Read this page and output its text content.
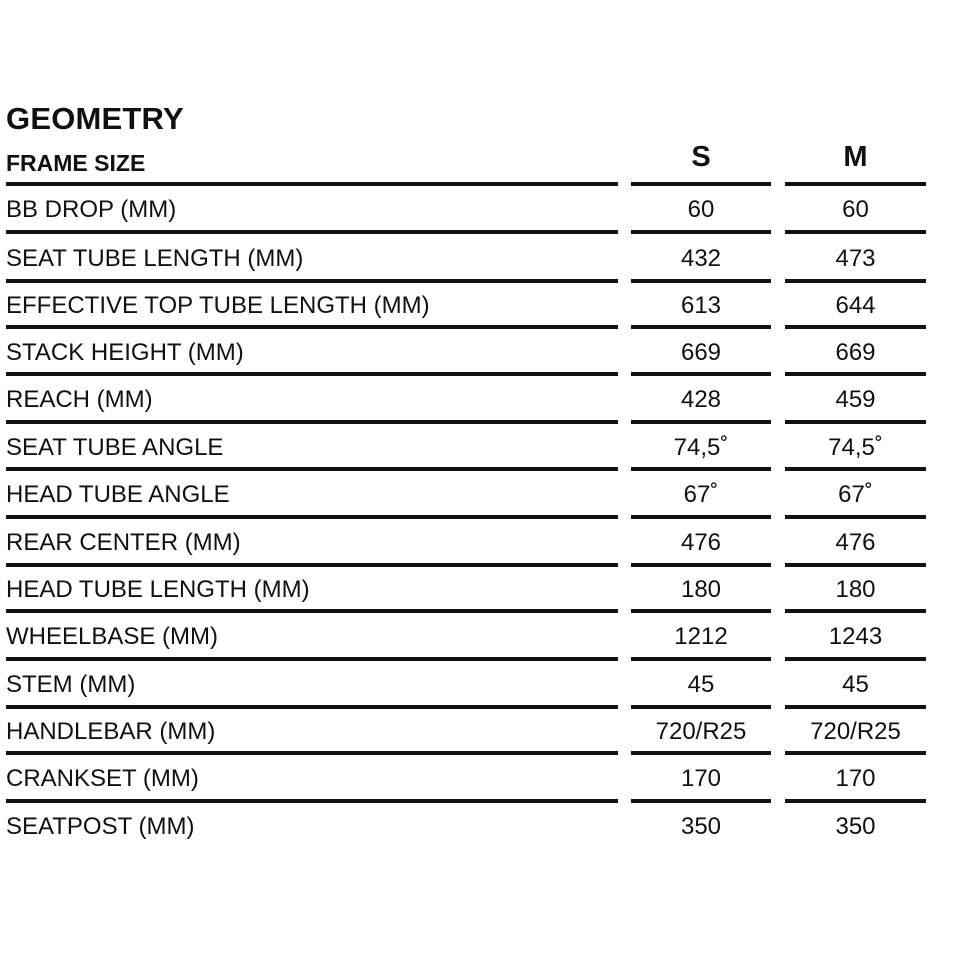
GEOMETRY
FRAME SIZE	S	M
BB DROP (MM)	60	60
SEAT TUBE LENGTH (MM)	432	473
EFFECTIVE TOP TUBE LENGTH (MM)	613	644
STACK HEIGHT (MM)	669	669
REACH (MM)	428	459
SEAT TUBE ANGLE	74,5˚	74,5˚
HEAD TUBE ANGLE	67˚	67˚
REAR CENTER (MM)	476	476
HEAD TUBE LENGTH (MM)	180	180
WHEELBASE (MM)	1212	1243
STEM (MM)	45	45
HANDLEBAR (MM)	720/R25	720/R25
CRANKSET (MM)	170	170
SEATPOST (MM)	350	350
